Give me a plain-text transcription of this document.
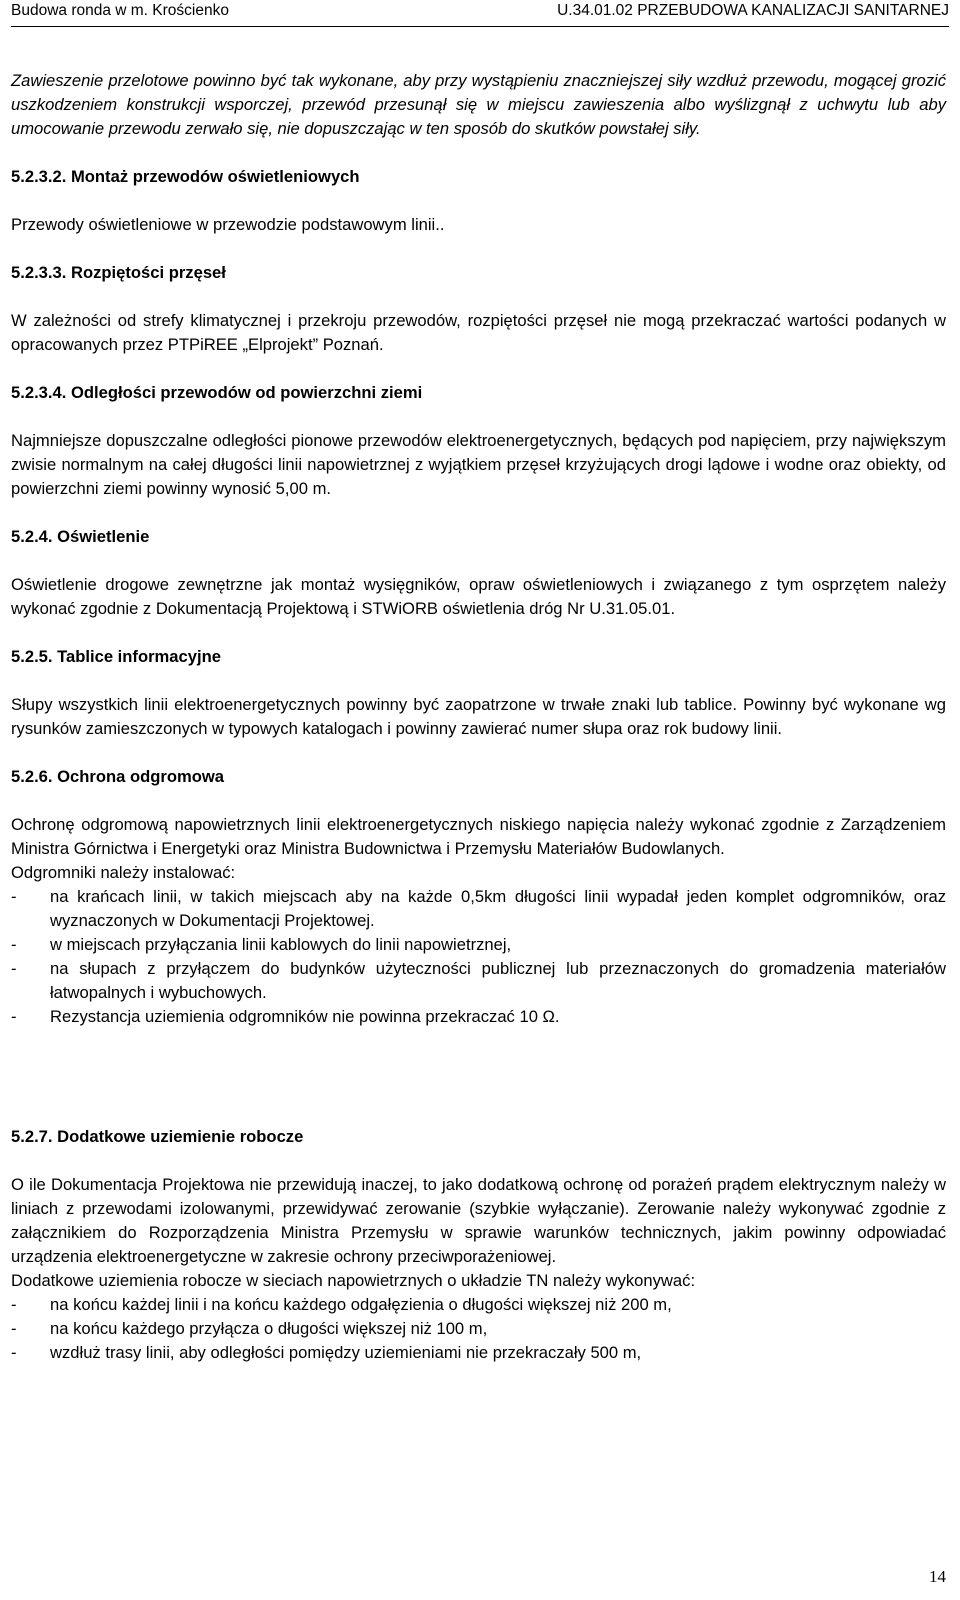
Budowa ronda w m. Krościenko	U.34.01.02 PRZEBUDOWA KANALIZACJI SANITARNEJ

Zawieszenie przelotowe powinno być tak wykonane, aby przy wystąpieniu znaczniejszej siły wzdłuż przewodu, mogącej grozić uszkodzeniem konstrukcji wsporczej, przewód przesunął się w miejscu zawieszenia albo wyślizgnął z uchwytu lub aby umocowanie przewodu zerwało się, nie dopuszczając w ten sposób do skutków powstałej siły.

5.2.3.2. Montaż przewodów oświetleniowych

Przewody oświetleniowe w przewodzie podstawowym linii..

5.2.3.3. Rozpiętości przęseł

W zależności od strefy klimatycznej i przekroju przewodów, rozpiętości przęseł nie mogą przekraczać wartości podanych w opracowanych przez PTPiREE „Elprojekt” Poznań.

5.2.3.4. Odległości przewodów od powierzchni ziemi

Najmniejsze dopuszczalne odległości pionowe przewodów elektroenergetycznych, będących pod napięciem, przy największym zwisie normalnym na całej długości linii napowietrznej z wyjątkiem przęseł krzyżujących drogi lądowe i wodne oraz obiekty, od powierzchni ziemi powinny wynosić 5,00 m.

5.2.4. Oświetlenie

Oświetlenie drogowe zewnętrzne jak montaż wysięgników, opraw oświetleniowych i związanego z tym osprzętem należy wykonać zgodnie z Dokumentacją Projektową i STWiORB oświetlenia dróg Nr U.31.05.01.

5.2.5. Tablice informacyjne

Słupy wszystkich linii elektroenergetycznych powinny być zaopatrzone w trwałe znaki lub tablice. Powinny być wykonane wg rysunków zamieszczonych w typowych katalogach i powinny zawierać numer słupa oraz rok budowy linii.

5.2.6. Ochrona odgromowa

Ochronę odgromową napowietrznych linii elektroenergetycznych niskiego napięcia należy wykonać zgodnie z Zarządzeniem Ministra Górnictwa i Energetyki oraz Ministra Budownictwa i Przemysłu Materiałów Budowlanych.

Odgromniki należy instalować:

- na krańcach linii, w takich miejscach aby na każde 0,5km długości linii wypadał jeden komplet odgromników, oraz wyznaczonych w Dokumentacji Projektowej.
- w miejscach przyłączania linii kablowych do linii napowietrznej,
- na słupach z przyłączem do budynków użyteczności publicznej lub przeznaczonych do gromadzenia materiałów łatwopalnych i wybuchowych.
- Rezystancja uziemienia odgromników nie powinna przekraczać 10 Ω.

5.2.7. Dodatkowe uziemienie robocze

O ile Dokumentacja Projektowa nie przewidują inaczej, to jako dodatkową ochronę od porażeń prądem elektrycznym należy w liniach z przewodami izolowanymi, przewidywać zerowanie (szybkie wyłączanie). Zerowanie należy wykonywać zgodnie z załącznikiem do Rozporządzenia Ministra Przemysłu w sprawie warunków technicznych, jakim powinny odpowiadać urządzenia elektroenergetyczne w zakresie ochrony przeciwporażeniowej.

Dodatkowe uziemienia robocze w sieciach napowietrznych o układzie TN należy wykonywać:

- na końcu każdej linii i na końcu każdego odgałęzienia o długości większej niż 200 m,
- na końcu każdego przyłącza o długości większej niż 100 m,
- wzdłuż trasy linii, aby odległości pomiędzy uziemieniami nie przekraczały 500 m,
14
